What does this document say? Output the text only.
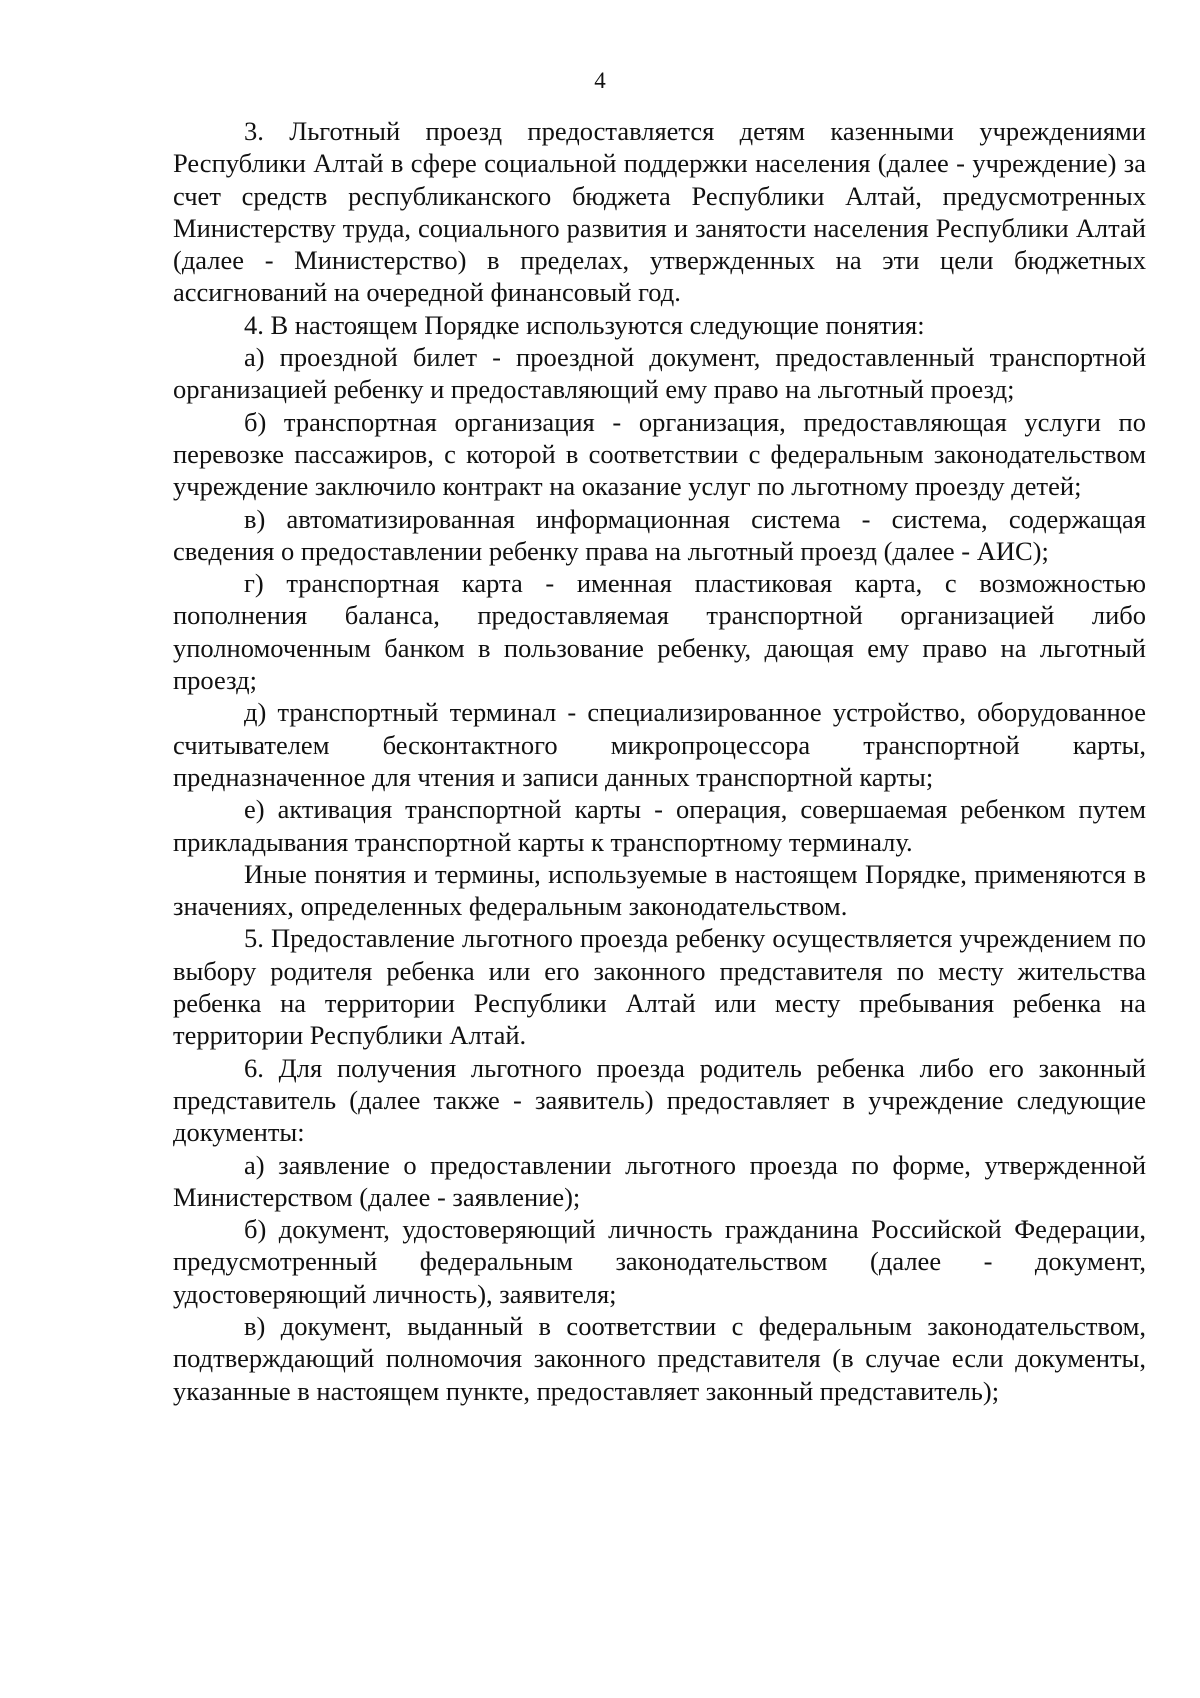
4

3. Льготный проезд предоставляется детям казенными учреждениями Республики Алтай в сфере социальной поддержки населения (далее - учреждение) за счет средств республиканского бюджета Республики Алтай, предусмотренных Министерству труда, социального развития и занятости населения Республики Алтай (далее - Министерство) в пределах, утвержденных на эти цели бюджетных ассигнований на очередной финансовый год.

4. В настоящем Порядке используются следующие понятия:

а) проездной билет - проездной документ, предоставленный транспортной организацией ребенку и предоставляющий ему право на льготный проезд;

б) транспортная организация - организация, предоставляющая услуги по перевозке пассажиров, с которой в соответствии с федеральным законодательством учреждение заключило контракт на оказание услуг по льготному проезду детей;

в) автоматизированная информационная система - система, содержащая сведения о предоставлении ребенку права на льготный проезд (далее - АИС);

г) транспортная карта - именная пластиковая карта, с возможностью пополнения баланса, предоставляемая транспортной организацией либо уполномоченным банком в пользование ребенку, дающая ему право на льготный проезд;

д) транспортный терминал - специализированное устройство, оборудованное считывателем бесконтактного микропроцессора транспортной карты, предназначенное для чтения и записи данных транспортной карты;

е) активация транспортной карты - операция, совершаемая ребенком путем прикладывания транспортной карты к транспортному терминалу.

Иные понятия и термины, используемые в настоящем Порядке, применяются в значениях, определенных федеральным законодательством.

5. Предоставление льготного проезда ребенку осуществляется учреждением по выбору родителя ребенка или его законного представителя по месту жительства ребенка на территории Республики Алтай или месту пребывания ребенка на территории Республики Алтай.

6. Для получения льготного проезда родитель ребенка либо его законный представитель (далее также - заявитель) предоставляет в учреждение следующие документы:

а) заявление о предоставлении льготного проезда по форме, утвержденной Министерством (далее - заявление);

б) документ, удостоверяющий личность гражданина Российской Федерации, предусмотренный федеральным законодательством (далее - документ, удостоверяющий личность), заявителя;

в) документ, выданный в соответствии с федеральным законодательством, подтверждающий полномочия законного представителя (в случае если документы, указанные в настоящем пункте, предоставляет законный представитель);
